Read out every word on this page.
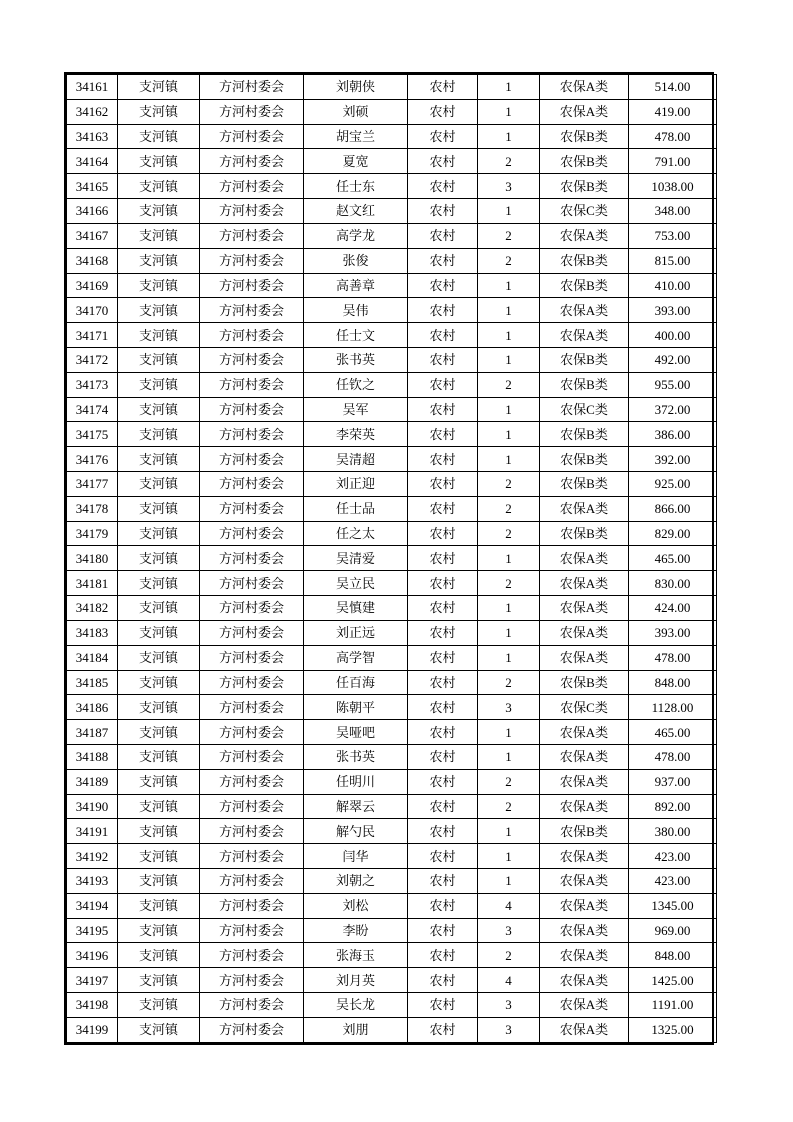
34161	支河镇	方河村委会	刘朝侠	农村	1	农保A类	514.00
34162	支河镇	方河村委会	刘硕	农村	1	农保A类	419.00
34163	支河镇	方河村委会	胡宝兰	农村	1	农保B类	478.00
34164	支河镇	方河村委会	夏宽	农村	2	农保B类	791.00
34165	支河镇	方河村委会	任士东	农村	3	农保B类	1038.00
34166	支河镇	方河村委会	赵文红	农村	1	农保C类	348.00
34167	支河镇	方河村委会	高学龙	农村	2	农保A类	753.00
34168	支河镇	方河村委会	张俊	农村	2	农保B类	815.00
34169	支河镇	方河村委会	高善章	农村	1	农保B类	410.00
34170	支河镇	方河村委会	吴伟	农村	1	农保A类	393.00
34171	支河镇	方河村委会	任士文	农村	1	农保A类	400.00
34172	支河镇	方河村委会	张书英	农村	1	农保B类	492.00
34173	支河镇	方河村委会	任钦之	农村	2	农保B类	955.00
34174	支河镇	方河村委会	吴军	农村	1	农保C类	372.00
34175	支河镇	方河村委会	李荣英	农村	1	农保B类	386.00
34176	支河镇	方河村委会	吴清超	农村	1	农保B类	392.00
34177	支河镇	方河村委会	刘正迎	农村	2	农保B类	925.00
34178	支河镇	方河村委会	任士品	农村	2	农保A类	866.00
34179	支河镇	方河村委会	任之太	农村	2	农保B类	829.00
34180	支河镇	方河村委会	吴清爱	农村	1	农保A类	465.00
34181	支河镇	方河村委会	吴立民	农村	2	农保A类	830.00
34182	支河镇	方河村委会	吴慎建	农村	1	农保A类	424.00
34183	支河镇	方河村委会	刘正远	农村	1	农保A类	393.00
34184	支河镇	方河村委会	高学智	农村	1	农保A类	478.00
34185	支河镇	方河村委会	任百海	农村	2	农保B类	848.00
34186	支河镇	方河村委会	陈朝平	农村	3	农保C类	1128.00
34187	支河镇	方河村委会	吴哑吧	农村	1	农保A类	465.00
34188	支河镇	方河村委会	张书英	农村	1	农保A类	478.00
34189	支河镇	方河村委会	任明川	农村	2	农保A类	937.00
34190	支河镇	方河村委会	解翠云	农村	2	农保A类	892.00
34191	支河镇	方河村委会	解勺民	农村	1	农保B类	380.00
34192	支河镇	方河村委会	闫华	农村	1	农保A类	423.00
34193	支河镇	方河村委会	刘朝之	农村	1	农保A类	423.00
34194	支河镇	方河村委会	刘松	农村	4	农保A类	1345.00
34195	支河镇	方河村委会	李盼	农村	3	农保A类	969.00
34196	支河镇	方河村委会	张海玉	农村	2	农保A类	848.00
34197	支河镇	方河村委会	刘月英	农村	4	农保A类	1425.00
34198	支河镇	方河村委会	吴长龙	农村	3	农保A类	1191.00
34199	支河镇	方河村委会	刘朋	农村	3	农保A类	1325.00
